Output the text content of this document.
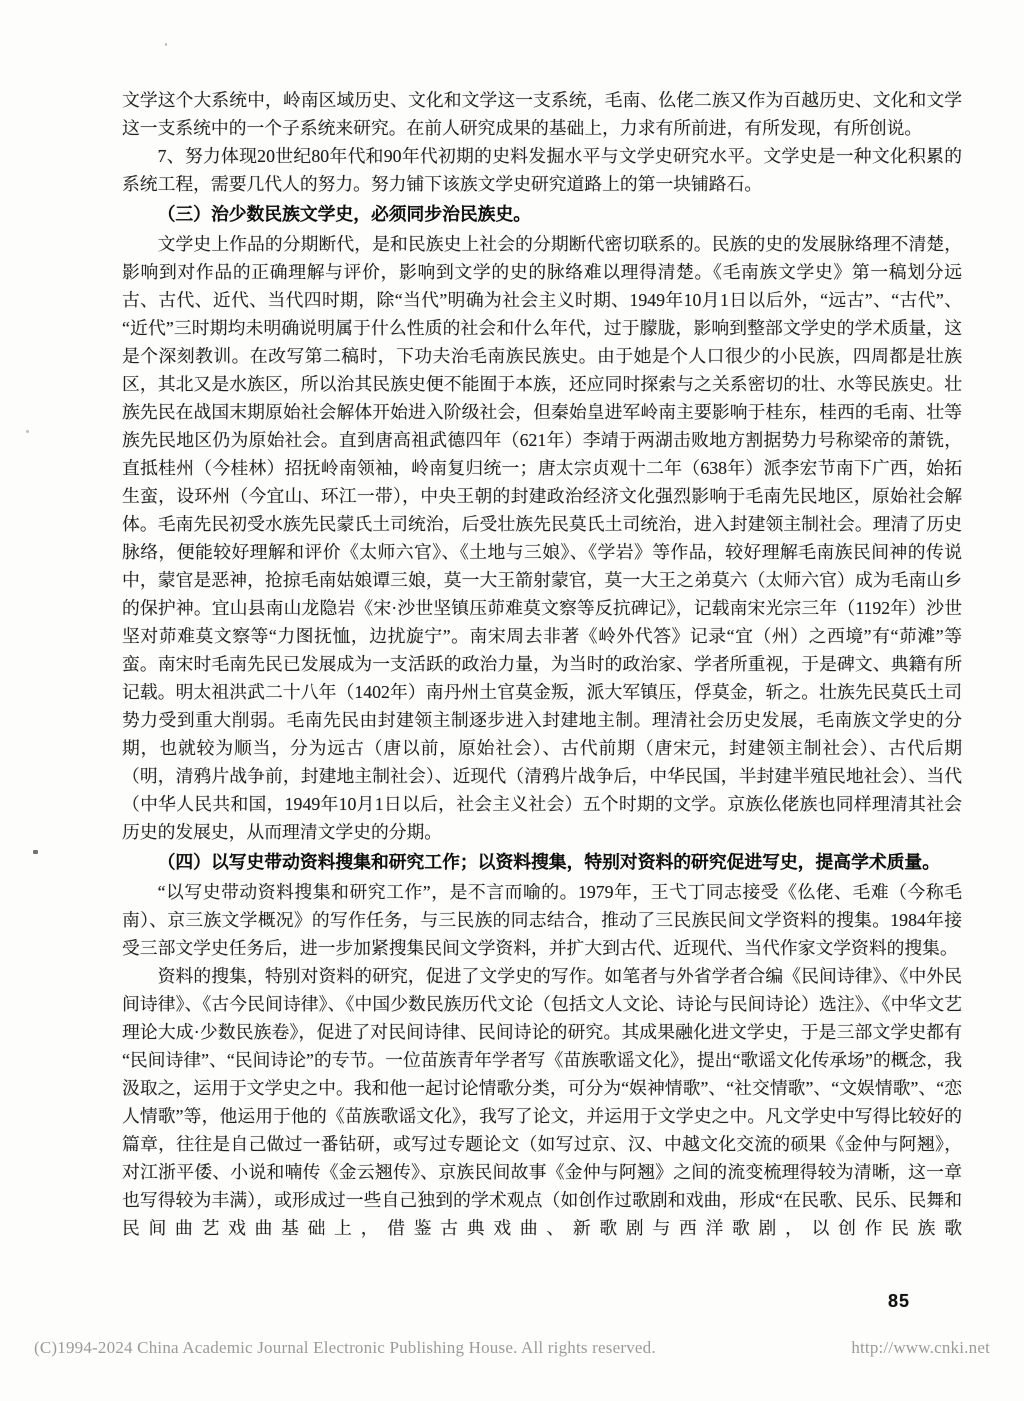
文学这个大系统中，岭南区域历史、文化和文学这一支系统，毛南、仫佬二族又作为百越历史、文化和文学这一支系统中的一个子系统来研究。在前人研究成果的基础上，力求有所前进，有所发现，有所创说。

7、努力体现20世纪80年代和90年代初期的史料发掘水平与文学史研究水平。文学史是一种文化积累的系统工程，需要几代人的努力。努力铺下该族文学史研究道路上的第一块铺路石。

（三）治少数民族文学史，必须同步治民族史。

文学史上作品的分期断代，是和民族史上社会的分期断代密切联系的。民族的史的发展脉络理不清楚，影响到对作品的正确理解与评价，影响到文学的史的脉络难以理得清楚。《毛南族文学史》第一稿划分远古、古代、近代、当代四时期，除“当代”明确为社会主义时期、1949年10月1日以后外，“远古”、“古代”、“近代”三时期均未明确说明属于什么性质的社会和什么年代，过于朦胧，影响到整部文学史的学术质量，这是个深刻教训。在改写第二稿时，下功夫治毛南族民族史。由于她是个人口很少的小民族，四周都是壮族区，其北又是水族区，所以治其民族史便不能囿于本族，还应同时探索与之关系密切的壮、水等民族史。壮族先民在战国末期原始社会解体开始进入阶级社会，但秦始皇进军岭南主要影响于桂东，桂西的毛南、壮等族先民地区仍为原始社会。直到唐高祖武德四年（621年）李靖于两湖击败地方割据势力号称梁帝的萧铣，直抵桂州（今桂林）招抚岭南领袖，岭南复归统一；唐太宗贞观十二年（638年）派李宏节南下广西，始拓生蛮，设环州（今宜山、环江一带），中央王朝的封建政治经济文化强烈影响于毛南先民地区，原始社会解体。毛南先民初受水族先民蒙氏土司统治，后受壮族先民莫氏土司统治，进入封建领主制社会。理清了历史脉络，便能较好理解和评价《太师六官》、《土地与三娘》、《学岩》等作品，较好理解毛南族民间神的传说中，蒙官是恶神，抢掠毛南姑娘谭三娘，莫一大王箭射蒙官，莫一大王之弟莫六（太师六官）成为毛南山乡的保护神。宜山县南山龙隐岩《宋·沙世坚镇压茆难莫文察等反抗碑记》，记载南宋光宗三年（1192年）沙世坚对茆难莫文察等“力图抚恤，边扰旋宁”。南宋周去非著《岭外代答》记录“宜（州）之西境”有“茆滩”等蛮。南宋时毛南先民已发展成为一支活跃的政治力量，为当时的政治家、学者所重视，于是碑文、典籍有所记载。明太祖洪武二十八年（1402年）南丹州土官莫金叛，派大军镇压，俘莫金，斩之。壮族先民莫氏土司势力受到重大削弱。毛南先民由封建领主制逐步进入封建地主制。理清社会历史发展，毛南族文学史的分期，也就较为顺当，分为远古（唐以前，原始社会）、古代前期（唐宋元，封建领主制社会）、古代后期（明，清鸦片战争前，封建地主制社会）、近现代（清鸦片战争后，中华民国，半封建半殖民地社会）、当代（中华人民共和国，1949年10月1日以后，社会主义社会）五个时期的文学。京族仫佬族也同样理清其社会历史的发展史，从而理清文学史的分期。

（四）以写史带动资料搜集和研究工作；以资料搜集，特别对资料的研究促进写史，提高学术质量。

“以写史带动资料搜集和研究工作”，是不言而喻的。1979年，王弋丁同志接受《仫佬、毛难（今称毛南）、京三族文学概况》的写作任务，与三民族的同志结合，推动了三民族民间文学资料的搜集。1984年接受三部文学史任务后，进一步加紧搜集民间文学资料，并扩大到古代、近现代、当代作家文学资料的搜集。

资料的搜集，特别对资料的研究，促进了文学史的写作。如笔者与外省学者合编《民间诗律》、《中外民间诗律》、《古今民间诗律》、《中国少数民族历代文论（包括文人文论、诗论与民间诗论）选注》、《中华文艺理论大成·少数民族卷》，促进了对民间诗律、民间诗论的研究。其成果融化进文学史，于是三部文学史都有“民间诗律”、“民间诗论”的专节。一位苗族青年学者写《苗族歌谣文化》，提出“歌谣文化传承场”的概念，我汲取之，运用于文学史之中。我和他一起讨论情歌分类，可分为“娱神情歌”、“社交情歌”、“文娱情歌”、“恋人情歌”等，他运用于他的《苗族歌谣文化》，我写了论文，并运用于文学史之中。凡文学史中写得比较好的篇章，往往是自己做过一番钻研，或写过专题论文（如写过京、汉、中越文化交流的硕果《金仲与阿翘》，对江浙平倭、小说和喃传《金云翘传》、京族民间故事《金仲与阿翘》之间的流变梳理得较为清晰，这一章也写得较为丰满），或形成过一些自己独到的学术观点（如创作过歌剧和戏曲，形成“在民歌、民乐、民舞和民间曲艺戏曲基础上，借鉴古典戏曲、新歌剧与西洋歌剧，以创作民族歌

85
(C)1994-2024 China Academic Journal Electronic Publishing House. All rights reserved.	http://www.cnki.net
